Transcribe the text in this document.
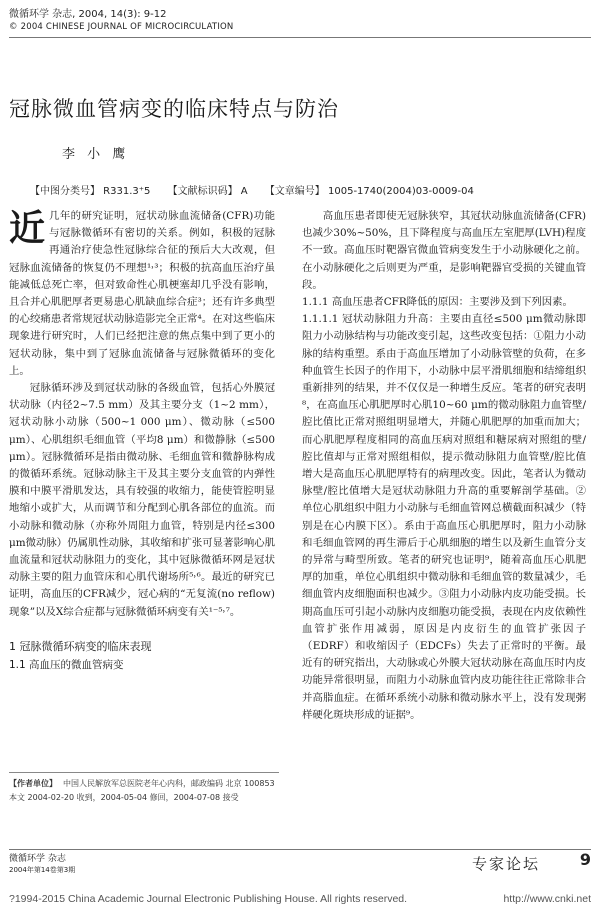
微循环学 杂志, 2004, 14(3): 9-12
© 2004 CHINESE JOURNAL OF MICROCIRCULATION
冠脉微血管病变的临床特点与防治
李 小 鹰
【中图分类号】 R331.3⁺5 【文献标识码】 A 【文章编号】 1005-1740(2004)03-0009-04

近 几年的研究证明，冠状动脉血流储备(CFR)功能与冠脉微循环有密切的关系。例如，积极的冠脉再通治疗使急性冠脉综合征的预后大大改观，但冠脉血流储备的恢复仍不理想¹˒³；积极的抗高血压治疗虽能减低总死亡率，但对致命性心肌梗塞却几乎没有影响，且合并心肌肥厚者更易患心肌缺血综合症³；还有许多典型的心绞痛患者常规冠状动脉造影完全正常⁴。在对这些临床现象进行研究时，人们已经把注意的焦点集中到了更小的冠状动脉，集中到了冠脉血流储备与冠脉微循环的变化上。

冠脉循环涉及到冠状动脉的各级血管，包括心外膜冠状动脉（内径2~7.5 mm）及其主要分支（1~2 mm），冠状动脉小动脉（500~1 000 μm）、微动脉（≤500 μm）、心肌组织毛细血管（平均8 μm）和微静脉（≤500 μm）。冠脉微循环是指由微动脉、毛细血管和微静脉构成的微循环系统。冠脉动脉主干及其主要分支血管的内弹性膜和中膜平滑肌发达，具有较强的收缩力，能使管腔明显地缩小或扩大，从而调节和分配到心肌各部位的血流。而小动脉和微动脉（亦称外周阻力血管，特别是内径≤300 μm微动脉）仍属肌性动脉，其收缩和扩张可显著影响心肌血流量和冠状动脉阻力的变化，其中冠脉微循环网是冠状动脉主要的阻力血管床和心肌代谢场所⁵˒⁶。最近的研究已证明，高血压的CFR减少，冠心病的“无复流(no reflow)现象”以及X综合症都与冠脉微循环病变有关¹⁻⁵˒⁷。

1 冠脉微循环病变的临床表现
1.1 高血压的微血管病变

高血压患者即使无冠脉狭窄，其冠状动脉血流储备(CFR)也减少30%~50%，且下降程度与高血压左室肥厚(LVH)程度不一致。高血压时靶器官微血管病变发生于小动脉硬化之前。在小动脉硬化之后则更为严重，是影响靶器官受损的关键血管段。

1.1.1 高血压患者CFR降低的原因：主要涉及到下列因素。

1.1.1.1 冠状动脉阻力升高：主要由直径≤500 μm微动脉即阻力小动脉结构与功能改变引起，这些改变包括：①阻力小动脉的结构重塑。系由于高血压增加了小动脉管壁的负荷，在多种血管生长因子的作用下，小动脉中层平滑肌细胞和结缔组织重新排列的结果，并不仅仅是一种增生反应。笔者的研究表明⁸，在高血压心肌肥厚时心肌10~60 μm的微动脉阻力血管壁/腔比值比正常对照组明显增大，并随心肌肥厚的加重而加大；而心肌肥厚程度相同的高血压病对照组和糖尿病对照组的壁/腔比值却与正常对照组相似，提示微动脉阻力血管壁/腔比值增大是高血压心肌肥厚特有的病理改变。因此，笔者认为微动脉壁/腔比值增大是冠状动脉阻力升高的重要解剖学基础。②单位心肌组织中阻力小动脉与毛细血管网总横截面积减少（特别是在心内膜下区）。系由于高血压心肌肥厚时，阻力小动脉和毛细血管网的再生滞后于心肌细胞的增生以及新生血管分支的异常与畸型所致。笔者的研究也证明⁹，随着高血压心肌肥厚的加重，单位心肌组织中微动脉和毛细血管的数量减少，毛细血管内皮细胞面积也减少。③阻力小动脉内皮功能受损。长期高血压可引起小动脉内皮细胞功能受损，表现在内皮依赖性血管扩张作用减弱，原因是内皮衍生的血管扩张因子（EDRF）和收缩因子（EDCFs）失去了正常时的平衡。最近有的研究指出，大动脉或心外膜大冠状动脉在高血压时内皮功能异常很明显，而阻力小动脉血管内皮功能往往正常除非合并高脂血症。在循环系统小动脉和微动脉水平上，没有发现粥样硬化斑块形成的证据⁹。

【作者单位】 中国人民解放军总医院老年心内科，邮政编码 北京 100853
本文 2004-02-20 收到，2004-05-04 修回，2004-07-08 接受
微循环学 杂志
2004年第14卷第3期	专家论坛 9
?1994-2015 China Academic Journal Electronic Publishing House. All rights reserved.	http://www.cnki.net
